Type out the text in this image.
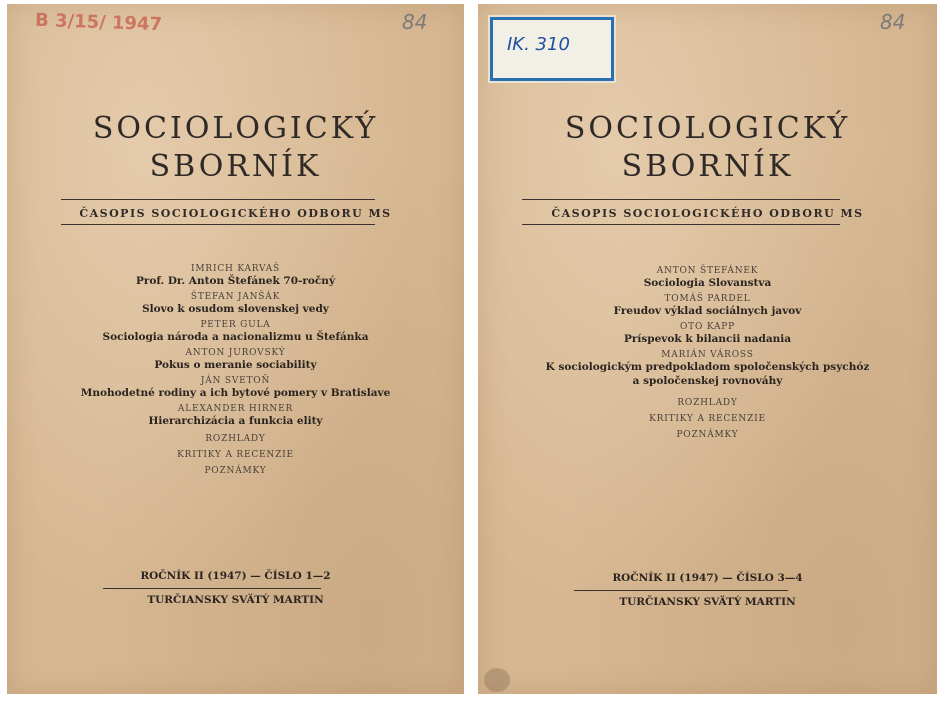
B 3/15/ 1947	84
SOCIOLOGICKÝ
SBORNÍK
ČASOPIS SOCIOLOGICKÉHO ODBORU MS
IMRICH KARVAŠ
Prof. Dr. Anton Štefánek 70-ročný
ŠTEFAN JANŠÁK
Slovo k osudom slovenskej vedy
PETER GULA
Sociologia národa a nacionalizmu u Štefánka
ANTON JUROVSKÝ
Pokus o meranie sociability
JÁN SVETOŇ
Mnohodetné rodiny a ich bytové pomery v Bratislave
ALEXANDER HIRNER
Hierarchizácia a funkcia elity
ROZHLADY
KRITIKY A RECENZIE
POZNÁMKY
ROČNÍK II (1947) — ČÍSLO 1—2
TURČIANSKY SVÄTÝ MARTIN
IK. 310
84
SOCIOLOGICKÝ
SBORNÍK
ČASOPIS SOCIOLOGICKÉHO ODBORU MS
ANTON ŠTEFÁNEK
Sociologia Slovanstva
TOMÁŠ PARDEL
Freudov výklad sociálnych javov
OTO KAPP
Príspevok k bilancii nadania
MARIÁN VÁROSS
K sociologickým predpokladom spoločenských psychóz
a spoločenskej rovnováhy
ROZHLADY
KRITIKY A RECENZIE
POZNÁMKY
ROČNÍK II (1947) — ČÍSLO 3—4
TURČIANSKY SVÄTÝ MARTIN
